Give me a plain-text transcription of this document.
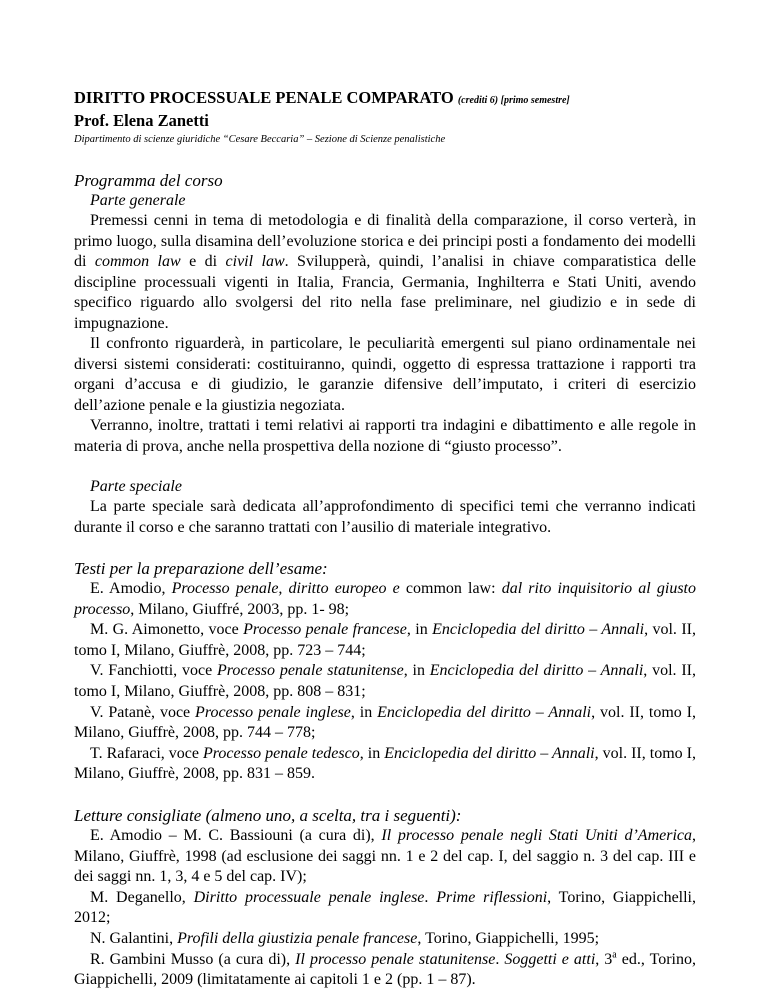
DIRITTO PROCESSUALE PENALE COMPARATO (crediti 6) [primo semestre]
Prof. Elena Zanetti
Dipartimento di scienze giuridiche “Cesare Beccaria” – Sezione di Scienze penalistiche
Programma del corso
Parte generale

Premessi cenni in tema di metodologia e di finalità della comparazione, il corso verterà, in primo luogo, sulla disamina dell’evoluzione storica e dei principi posti a fondamento dei modelli di common law e di civil law. Svilupperà, quindi, l’analisi in chiave comparatistica delle discipline processuali vigenti in Italia, Francia, Germania, Inghilterra e Stati Uniti, avendo specifico riguardo allo svolgersi del rito nella fase preliminare, nel giudizio e in sede di impugnazione.

Il confronto riguarderà, in particolare, le peculiarità emergenti sul piano ordinamentale nei diversi sistemi considerati: costituiranno, quindi, oggetto di espressa trattazione i rapporti tra organi d’accusa e di giudizio, le garanzie difensive dell’imputato, i criteri di esercizio dell’azione penale e la giustizia negoziata.

Verranno, inoltre, trattati i temi relativi ai rapporti tra indagini e dibattimento e alle regole in materia di prova, anche nella prospettiva della nozione di “giusto processo”.

Parte speciale

La parte speciale sarà dedicata all’approfondimento di specifici temi che verranno indicati durante il corso e che saranno trattati con l’ausilio di materiale integrativo.

Testi per la preparazione dell’esame:

E. Amodio, Processo penale, diritto europeo e common law: dal rito inquisitorio al giusto processo, Milano, Giuffré, 2003, pp. 1- 98;

M. G. Aimonetto, voce Processo penale francese, in Enciclopedia del diritto – Annali, vol. II, tomo I, Milano, Giuffrè, 2008, pp. 723 – 744;

V. Fanchiotti, voce Processo penale statunitense, in Enciclopedia del diritto – Annali, vol. II, tomo I, Milano, Giuffrè, 2008, pp. 808 – 831;

V. Patanè, voce Processo penale inglese, in Enciclopedia del diritto – Annali, vol. II, tomo I, Milano, Giuffrè, 2008, pp. 744 – 778;

T. Rafaraci, voce Processo penale tedesco, in Enciclopedia del diritto – Annali, vol. II, tomo I, Milano, Giuffrè, 2008, pp. 831 – 859.

Letture consigliate (almeno uno, a scelta, tra i seguenti):

E. Amodio – M. C. Bassiouni (a cura di), Il processo penale negli Stati Uniti d’America, Milano, Giuffrè, 1998 (ad esclusione dei saggi nn. 1 e 2 del cap. I, del saggio n. 3 del cap. III e dei saggi nn. 1, 3, 4 e 5 del cap. IV);

M. Deganello, Diritto processuale penale inglese. Prime riflessioni, Torino, Giappichelli, 2012;

N. Galantini, Profili della giustizia penale francese, Torino, Giappichelli, 1995;

R. Gambini Musso (a cura di), Il processo penale statunitense. Soggetti e atti, 3$^a$ ed., Torino, Giappichelli, 2009 (limitatamente ai capitoli 1 e 2 (pp. 1 – 87).
